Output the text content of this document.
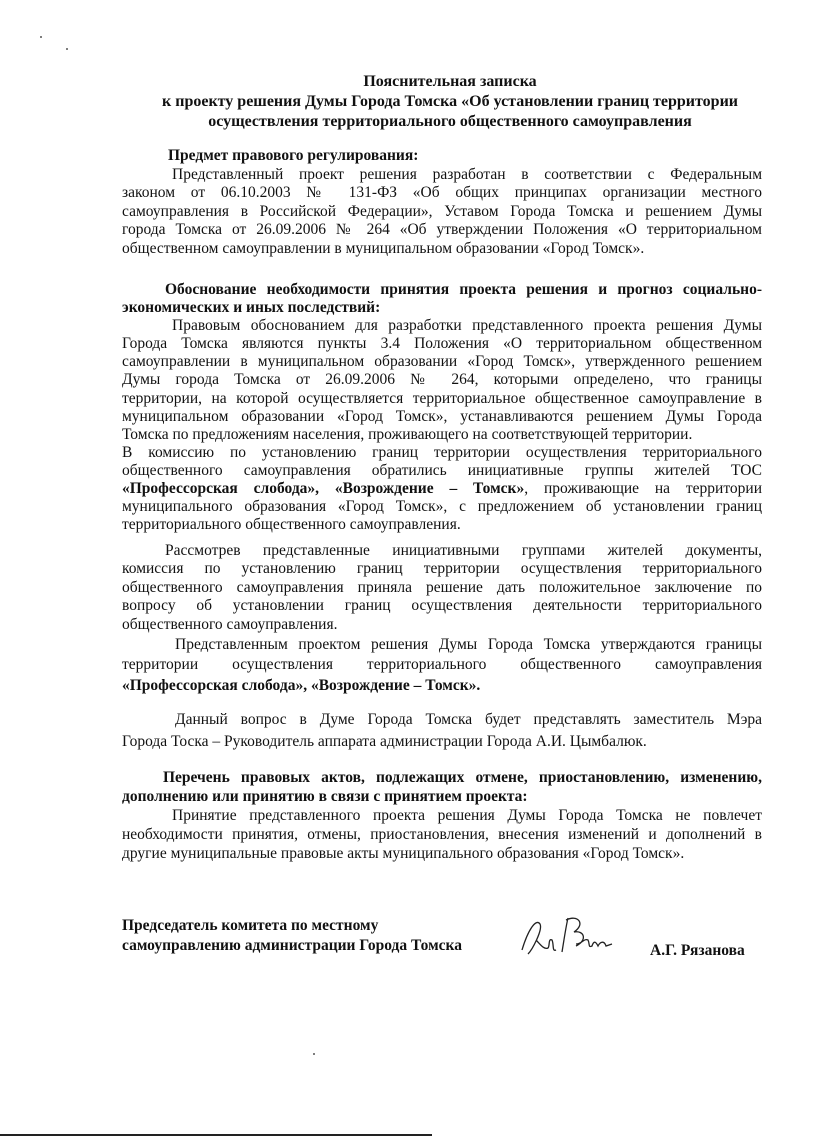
Пояснительная записка
к проекту решения Думы Города Томска «Об установлении границ территории
осуществления территориального общественного самоуправления
Предмет правового регулирования:
Представленный проект решения разработан в соответствии с Федеральным
законом от 06.10.2003 № 131-ФЗ «Об общих принципах организации местного
самоуправления в Российской Федерации», Уставом Города Томска и решением Думы
города Томска от 26.09.2006 № 264 «Об утверждении Положения «О территориальном
общественном самоуправлении в муниципальном образовании «Город Томск».
Обоснование необходимости принятия проекта решения и прогноз социально-
экономических и иных последствий:
Правовым обоснованием для разработки представленного проекта решения Думы
Города Томска являются пункты 3.4 Положения «О территориальном общественном
самоуправлении в муниципальном образовании «Город Томск», утвержденного решением
Думы города Томска от 26.09.2006 № 264, которыми определено, что границы
территории, на которой осуществляется территориальное общественное самоуправление в
муниципальном образовании «Город Томск», устанавливаются решением Думы Города
Томска по предложениям населения, проживающего на соответствующей территории.
В комиссию по установлению границ территории осуществления территориального
общественного самоуправления обратились инициативные группы жителей ТОС
«Профессорская слобода», «Возрождение – Томск», проживающие на территории
муниципального образования «Город Томск», с предложением об установлении границ
территориального общественного самоуправления.
Рассмотрев представленные инициативными группами жителей документы,
комиссия по установлению границ территории осуществления территориального
общественного самоуправления приняла решение дать положительное заключение по
вопросу об установлении границ осуществления деятельности территориального
общественного самоуправления.
Представленным проектом решения Думы Города Томска утверждаются границы
территории осуществления территориального общественного самоуправления
«Профессорская слобода», «Возрождение – Томск».
Данный вопрос в Думе Города Томска будет представлять заместитель Мэра
Города Тоска – Руководитель аппарата администрации Города А.И. Цымбалюк.
Перечень правовых актов, подлежащих отмене, приостановлению, изменению,
дополнению или принятию в связи с принятием проекта:
Принятие представленного проекта решения Думы Города Томска не повлечет
необходимости принятия, отмены, приостановления, внесения изменений и дополнений в
другие муниципальные правовые акты муниципального образования «Город Томск».
Председатель комитета по местному
самоуправлению администрации Города Томска	А.Г. Рязанова
